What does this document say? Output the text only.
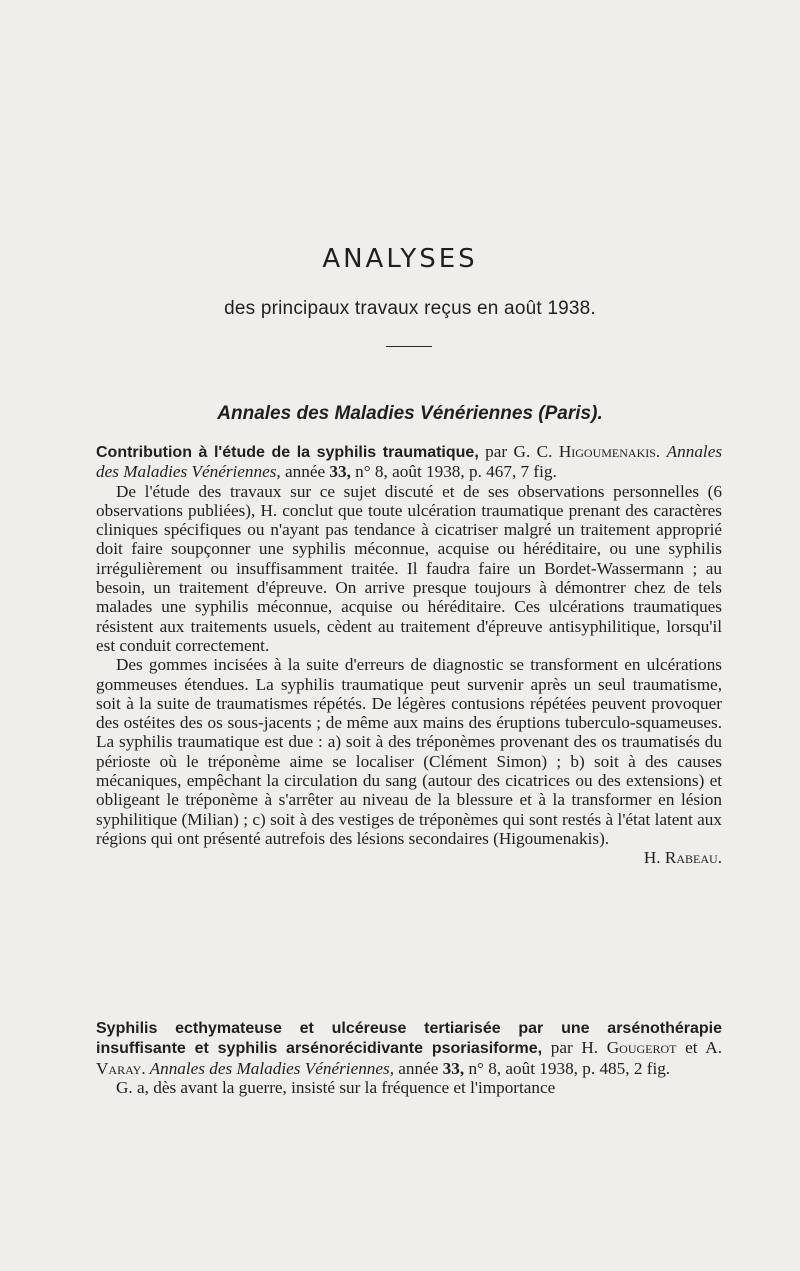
ANALYSES
des principaux travaux reçus en août 1938.
Annales des Maladies Vénériennes (Paris).

Contribution à l'étude de la syphilis traumatique, par G. C. Higoumenakis. Annales des Maladies Vénériennes, année 33, n° 8, août 1938, p. 467, 7 fig.

De l'étude des travaux sur ce sujet discuté et de ses observations personnelles (6 observations publiées), H. conclut que toute ulcération traumatique prenant des caractères cliniques spécifiques ou n'ayant pas tendance à cicatriser malgré un traitement approprié doit faire soupçonner une syphilis méconnue, acquise ou héréditaire, ou une syphilis irrégulièrement ou insuffisamment traitée. Il faudra faire un Bordet-Wassermann ; au besoin, un traitement d'épreuve. On arrive presque toujours à démontrer chez de tels malades une syphilis méconnue, acquise ou héréditaire. Ces ulcérations traumatiques résistent aux traitements usuels, cèdent au traitement d'épreuve antisyphilitique, lorsqu'il est conduit correctement.

Des gommes incisées à la suite d'erreurs de diagnostic se transforment en ulcérations gommeuses étendues. La syphilis traumatique peut survenir après un seul traumatisme, soit à la suite de traumatismes répétés. De légères contusions répétées peuvent provoquer des ostéites des os sous-jacents ; de même aux mains des éruptions tuberculo-squameuses. La syphilis traumatique est due : a) soit à des tréponèmes provenant des os traumatisés du périoste où le tréponème aime se localiser (Clément Simon) ; b) soit à des causes mécaniques, empêchant la circulation du sang (autour des cicatrices ou des extensions) et obligeant le tréponème à s'arrêter au niveau de la blessure et à la transformer en lésion syphilitique (Milian) ; c) soit à des vestiges de tréponèmes qui sont restés à l'état latent aux régions qui ont présenté autrefois des lésions secondaires (Higoumenakis).

H. Rabeau.

Syphilis ecthymateuse et ulcéreuse tertiarisée par une arsénothérapie insuffisante et syphilis arsénorécidivante psoriasiforme, par H. Gougerot et A. Varay. Annales des Maladies Vénériennes, année 33, n° 8, août 1938, p. 485, 2 fig.

G. a, dès avant la guerre, insisté sur la fréquence et l'importance
